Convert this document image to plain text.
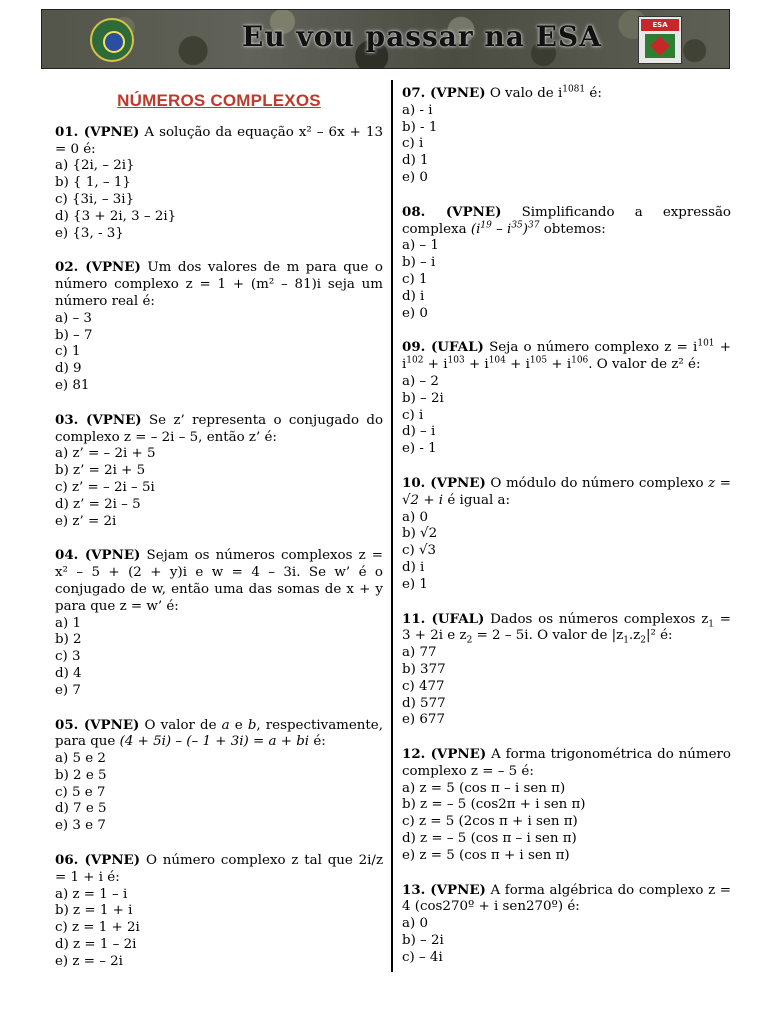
Eu vou passar na ESA	ESA
NÚMEROS COMPLEXOS
01. (VPNE) A solução da equação x² – 6x + 13 = 0 é:
a) {2i, – 2i}
b) { 1, – 1}
c) {3i, – 3i}
d) {3 + 2i, 3 – 2i}
e) {3, - 3}
02. (VPNE) Um dos valores de m para que o número complexo z = 1 + (m² – 81)i seja um número real é:
a) – 3
b) – 7
c) 1
d) 9
e) 81
03. (VPNE) Se z’ representa o conjugado do complexo z = – 2i – 5, então z’ é:
a) z’ = – 2i + 5
b) z’ = 2i + 5
c) z’ = – 2i – 5i
d) z’ = 2i – 5
e) z’ = 2i
04. (VPNE) Sejam os números complexos z = x² – 5 + (2 + y)i e w = 4 – 3i. Se w’ é o conjugado de w, então uma das somas de x + y para que z = w’ é:
a) 1
b) 2
c) 3
d) 4
e) 7
05. (VPNE) O valor de a e b, respectivamente, para que (4 + 5i) – (– 1 + 3i) = a + bi é:
a) 5 e 2
b) 2 e 5
c) 5 e 7
d) 7 e 5
e) 3 e 7
06. (VPNE) O número complexo z tal que 2i/z = 1 + i é:
a) z = 1 – i
b) z = 1 + i
c) z = 1 + 2i
d) z = 1 – 2i
e) z = – 2i
07. (VPNE) O valo de $i^{1081}$ é:
a) - i
b) - 1
c) i
d) 1
e) 0
08. (VPNE) Simplificando a expressão complexa $(i^{19} - i^{35})^{37}$ obtemos:
a) – 1
b) – i
c) 1
d) i
e) 0
09. (UFAL) Seja o número complexo $z = i^{101} + i^{102} + i^{103} + i^{104} + i^{105} + i^{106}$. O valor de z² é:
a) – 2
b) – 2i
c) i
d) – i
e) - 1
10. (VPNE) O módulo do número complexo z = √2 + i é igual a:
a) 0
b) √2
c) √3
d) i
e) 1
11. (UFAL) Dados os números complexos $z_1 = 3 + 2i$ e $z_2 = 2 - 5i$. O valor de $|z_1.z_2|^2$ é:
a) 77
b) 377
c) 477
d) 577
e) 677
12. (VPNE) A forma trigonométrica do número complexo z = – 5 é:
a) z = 5 (cos π – i sen π)
b) z = – 5 (cos2π + i sen π)
c) z = 5 (2cos π + i sen π)
d) z = – 5 (cos π – i sen π)
e) z = 5 (cos π + i sen π)
13. (VPNE) A forma algébrica do complexo z = 4 (cos270º + i sen270º) é:
a) 0
b) – 2i
c) – 4i
